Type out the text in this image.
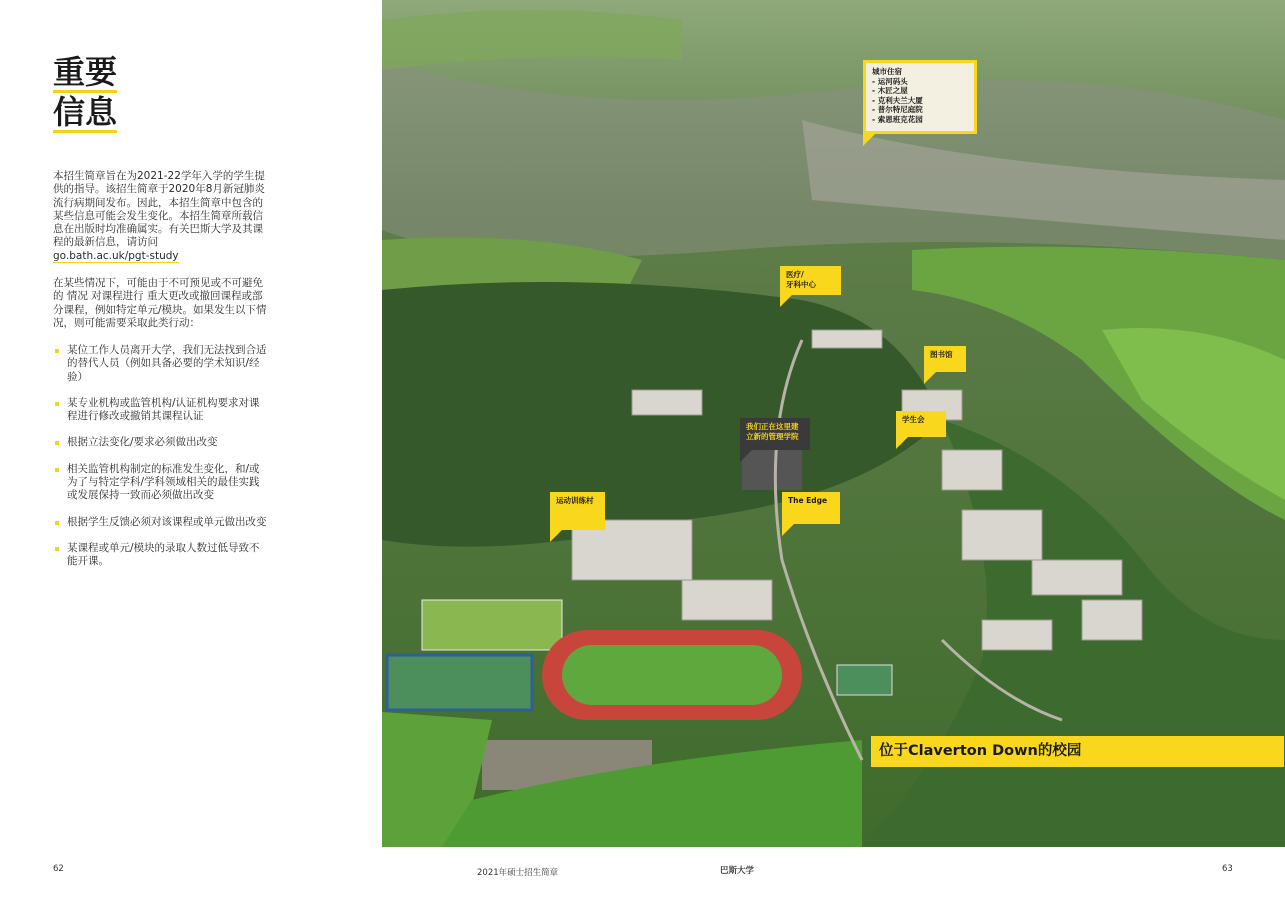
重要
信息

本招生简章旨在为2021-22学年入学的学生提供的指导。该招生简章于2020年8月新冠肺炎流行病期间发布。因此，本招生简章中包含的某些信息可能会发生变化。本招生简章所载信息在出版时均准确属实。有关巴斯大学及其课程的最新信息，请访问
go.bath.ac.uk/pgt-study

在某些情况下，可能由于不可预见或不可避免的 情况 对课程进行 重大更改或撤回课程或部分课程，例如特定单元/模块。如果发生以下情况，则可能需要采取此类行动：

某位工作人员离开大学，我们无法找到合适的替代人员（例如具备必要的学术知识/经验）
某专业机构或监管机构/认证机构要求对课程进行修改或撤销其课程认证
根据立法变化/要求必须做出改变
相关监管机构制定的标准发生变化，和/或为了与特定学科/学科领域相关的最佳实践或发展保持一致而必须做出改变
根据学生反馈必须对该课程或单元做出改变
某课程或单元/模块的录取人数过低导致不能开课。
城市住宿
- 运河码头
- 木匠之屋
- 克利夫兰大厦
- 普尔特尼庭院
- 索恩班克花园
医疗/
牙科中心
图书馆
学生会
我们正在这里建
立新的管理学院
运动训练村	The Edge
位于Claverton Down的校园
62	2021年硕士招生简章	巴斯大学	63
